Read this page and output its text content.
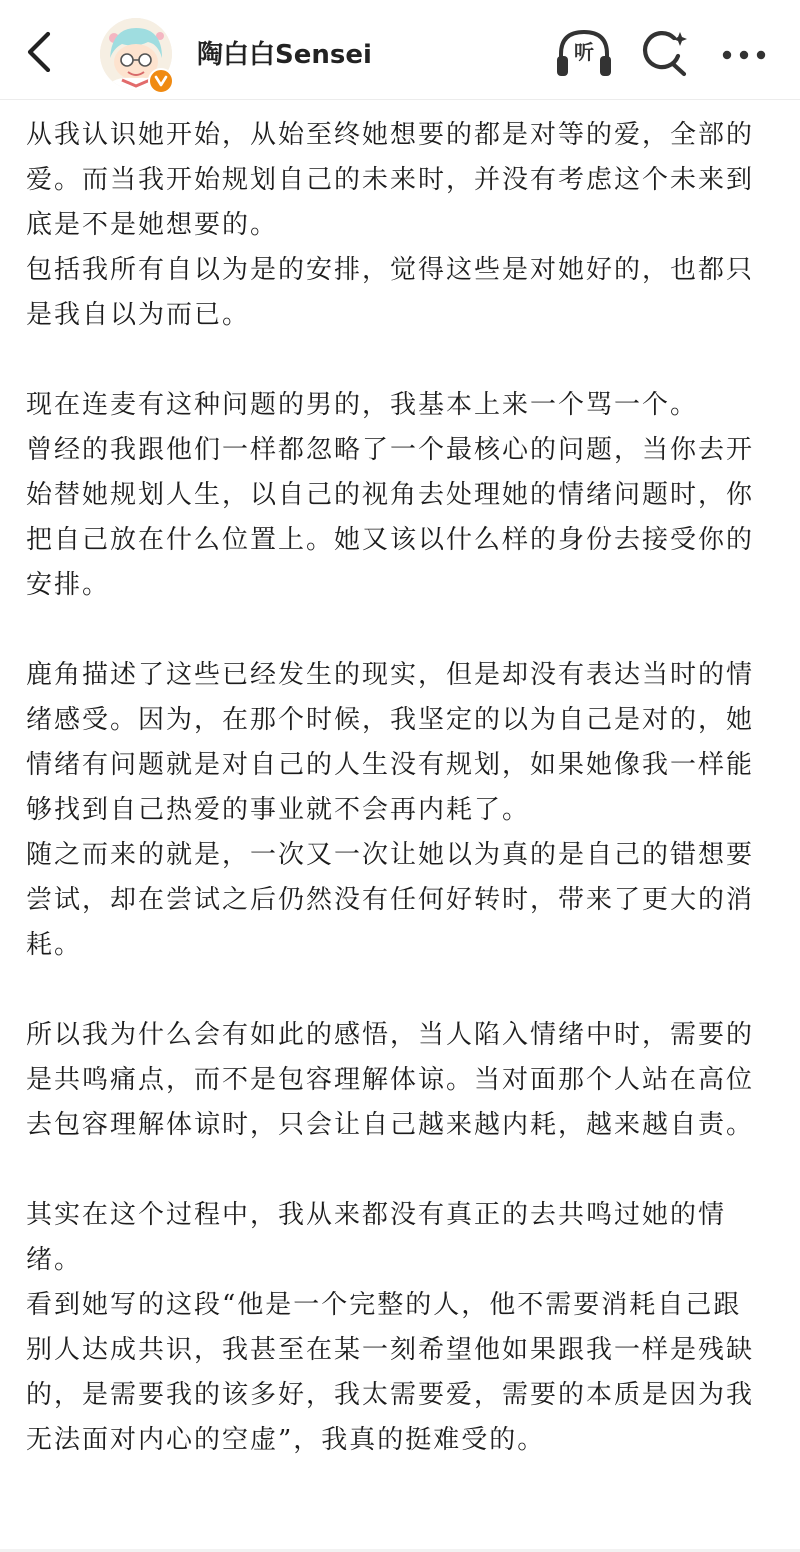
陶白白Sensei	听

从我认识她开始，从始至终她想要的都是对等的爱，全部的爱。而当我开始规划自己的未来时，并没有考虑这个未来到底是不是她想要的。
包括我所有自以为是的安排，觉得这些是对她好的，也都只是我自以为而已。

现在连麦有这种问题的男的，我基本上来一个骂一个。
曾经的我跟他们一样都忽略了一个最核心的问题，当你去开始替她规划人生，以自己的视角去处理她的情绪问题时，你把自己放在什么位置上。她又该以什么样的身份去接受你的安排。

鹿角描述了这些已经发生的现实，但是却没有表达当时的情绪感受。因为，在那个时候，我坚定的以为自己是对的，她情绪有问题就是对自己的人生没有规划，如果她像我一样能够找到自己热爱的事业就不会再内耗了。
随之而来的就是，一次又一次让她以为真的是自己的错想要尝试，却在尝试之后仍然没有任何好转时，带来了更大的消耗。

所以我为什么会有如此的感悟，当人陷入情绪中时，需要的是共鸣痛点，而不是包容理解体谅。当对面那个人站在高位去包容理解体谅时，只会让自己越来越内耗，越来越自责。

其实在这个过程中，我从来都没有真正的去共鸣过她的情绪。
看到她写的这段“他是一个完整的人，他不需要消耗自己跟别人达成共识，我甚至在某一刻希望他如果跟我一样是残缺的，是需要我的该多好，我太需要爱，需要的本质是因为我无法面对内心的空虚”，我真的挺难受的。
